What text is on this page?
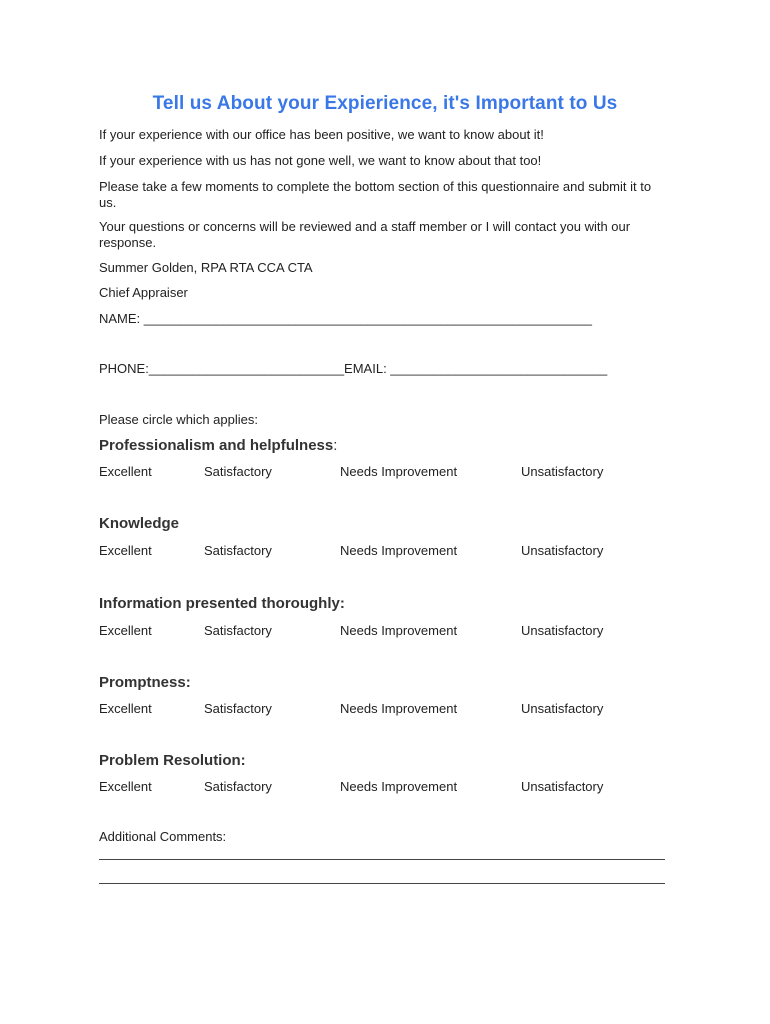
Tell us About your Expierience, it's Important to Us
If your experience with our office has been positive, we want to know about it!
If your experience with us has not gone well, we want to know about that too!
Please take a few moments to complete the bottom section of this questionnaire and submit it to us.
Your questions or concerns will be reviewed and a staff member or I will contact you with our response.
Summer Golden, RPA RTA CCA CTA
Chief Appraiser
NAME: ______________________________________________________________
PHONE:___________________________EMAIL: ______________________________
Please circle which applies:
Professionalism and helpfulness:
Excellent	Satisfactory	Needs Improvement	Unsatisfactory
Knowledge
Excellent	Satisfactory	Needs Improvement	Unsatisfactory
Information presented thoroughly:
Excellent	Satisfactory	Needs Improvement	Unsatisfactory
Promptness:
Excellent	Satisfactory	Needs Improvement	Unsatisfactory
Problem Resolution:
Excellent	Satisfactory	Needs Improvement	Unsatisfactory
Additional Comments:
